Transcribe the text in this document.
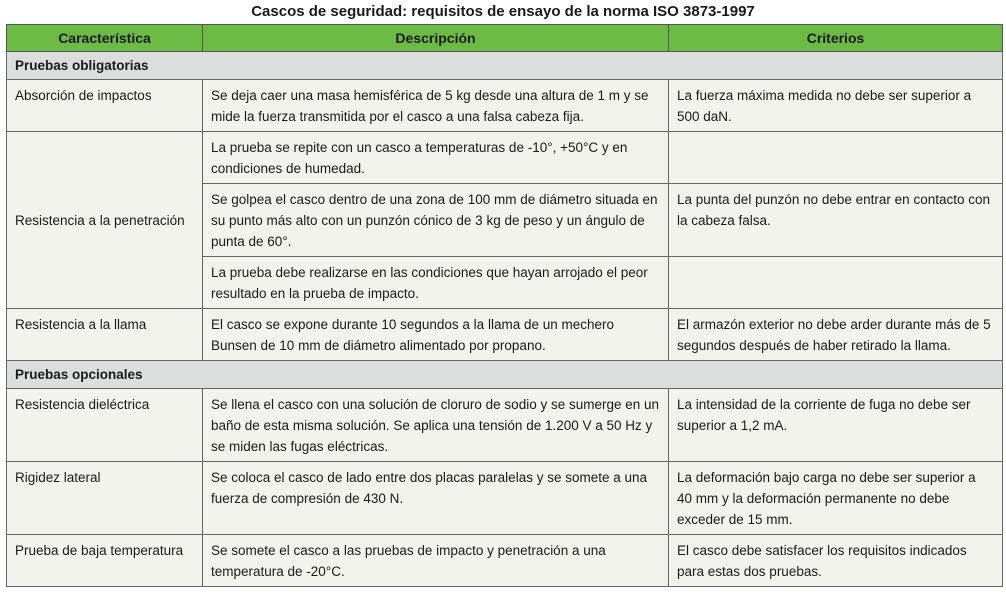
Cascos de seguridad: requisitos de ensayo de la norma ISO 3873-1997
Característica	Descripción	Criterios
Pruebas obligatorias		
Absorción de impactos	Se deja caer una masa hemisférica de 5 kg desde una altura de 1 m y se mide la fuerza transmitida por el casco a una falsa cabeza fija.	La fuerza máxima medida no debe ser superior a 500 daN.
Resistencia a la penetración	La prueba se repite con un casco a temperaturas de -10°, +50°C y en condiciones de humedad.	
	Se golpea el casco dentro de una zona de 100 mm de diámetro situada en su punto más alto con un punzón cónico de 3 kg de peso y un ángulo de punta de 60°.	La punta del punzón no debe entrar en contacto con la cabeza falsa.
	La prueba debe realizarse en las condiciones que hayan arrojado el peor resultado en la prueba de impacto.	
Resistencia a la llama	El casco se expone durante 10 segundos a la llama de un mechero Bunsen de 10 mm de diámetro alimentado por propano.	El armazón exterior no debe arder durante más de 5 segundos después de haber retirado la llama.
Pruebas opcionales		
Resistencia dieléctrica	Se llena el casco con una solución de cloruro de sodio y se sumerge en un baño de esta misma solución. Se aplica una tensión de 1.200 V a 50 Hz y se miden las fugas eléctricas.	La intensidad de la corriente de fuga no debe ser superior a 1,2 mA.
Rigidez lateral	Se coloca el casco de lado entre dos placas paralelas y se somete a una fuerza de compresión de 430 N.	La deformación bajo carga no debe ser superior a 40 mm y la deformación permanente no debe exceder de 15 mm.
Prueba de baja temperatura	Se somete el casco a las pruebas de impacto y penetración a una temperatura de -20°C.	El casco debe satisfacer los requisitos indicados para estas dos pruebas.
